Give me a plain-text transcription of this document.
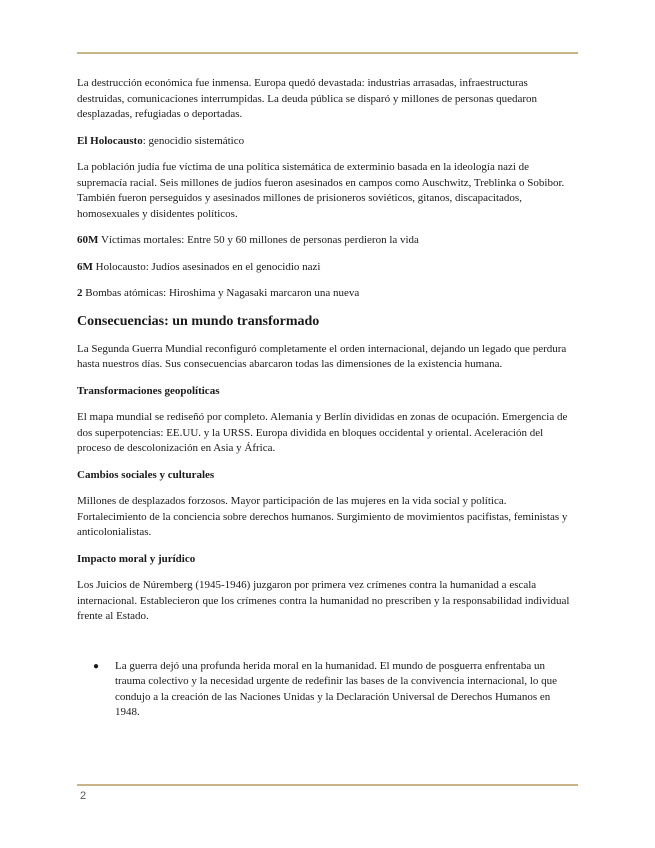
La destrucción económica fue inmensa. Europa quedó devastada: industrias arrasadas, infraestructuras destruidas, comunicaciones interrumpidas. La deuda pública se disparó y millones de personas quedaron desplazadas, refugiadas o deportadas.

El Holocausto: genocidio sistemático

La población judía fue víctima de una política sistemática de exterminio basada en la ideología nazi de supremacía racial. Seis millones de judíos fueron asesinados en campos como Auschwitz, Treblinka o Sobibor. También fueron perseguidos y asesinados millones de prisioneros soviéticos, gitanos, discapacitados, homosexuales y disidentes políticos.

60M Víctimas mortales: Entre 50 y 60 millones de personas perdieron la vida

6M Holocausto: Judíos asesinados en el genocidio nazi

2 Bombas atómicas: Hiroshima y Nagasaki marcaron una nueva

Consecuencias: un mundo transformado

La Segunda Guerra Mundial reconfiguró completamente el orden internacional, dejando un legado que perdura hasta nuestros días. Sus consecuencias abarcaron todas las dimensiones de la existencia humana.

Transformaciones geopolíticas

El mapa mundial se rediseñó por completo. Alemania y Berlín divididas en zonas de ocupación. Emergencia de dos superpotencias: EE.UU. y la URSS. Europa dividida en bloques occidental y oriental. Aceleración del proceso de descolonización en Asia y África.

Cambios sociales y culturales

Millones de desplazados forzosos. Mayor participación de las mujeres en la vida social y política. Fortalecimiento de la conciencia sobre derechos humanos. Surgimiento de movimientos pacifistas, feministas y anticolonialistas.

Impacto moral y jurídico

Los Juicios de Núremberg (1945-1946) juzgaron por primera vez crímenes contra la humanidad a escala internacional. Establecieron que los crímenes contra la humanidad no prescriben y la responsabilidad individual frente al Estado.

●	La guerra dejó una profunda herida moral en la humanidad. El mundo de posguerra enfrentaba un trauma colectivo y la necesidad urgente de redefinir las bases de la convivencia internacional, lo que condujo a la creación de las Naciones Unidas y la Declaración Universal de Derechos Humanos en 1948.
2
